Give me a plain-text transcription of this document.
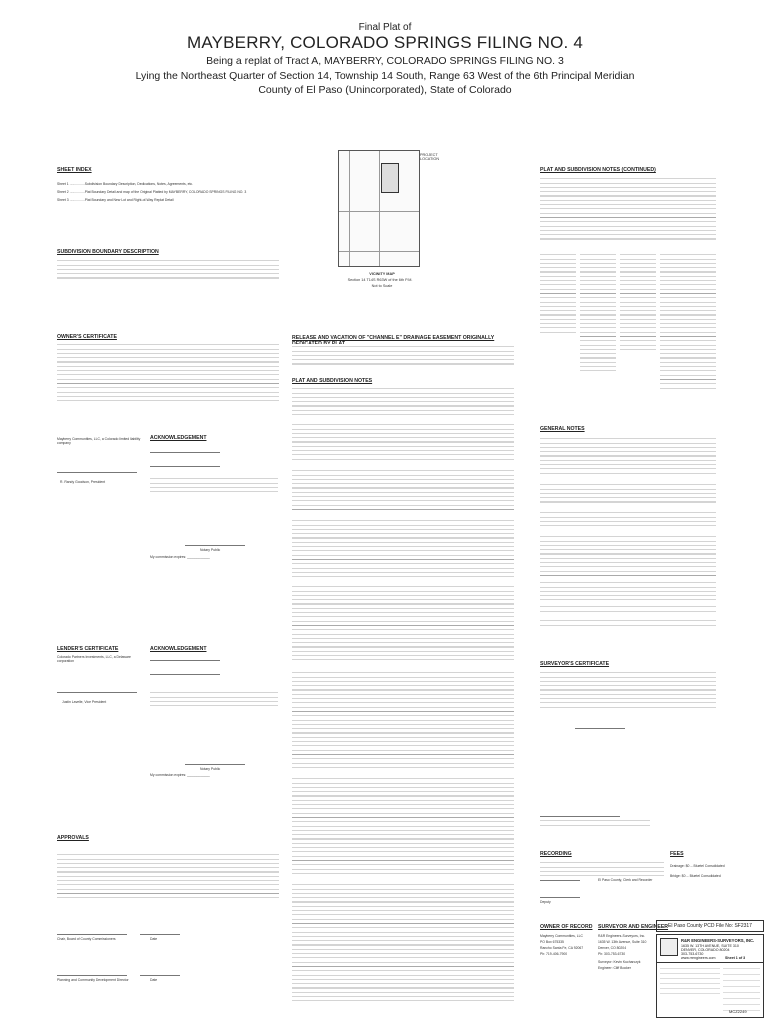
Final Plat of
MAYBERRY, COLORADO SPRINGS FILING NO. 4
Being a replat of Tract A, MAYBERRY, COLORADO SPRINGS FILING NO. 3
Lying the Northeast Quarter of Section 14, Township 14 South, Range 63 West of the 6th Principal Meridian
County of El Paso (Unincorporated), State of Colorado
SHEET INDEX
Sheet 1 ................Subdivision Boundary Description, Dedications, Notes, Agreements, etc.
Sheet 2 ................Plat Boundary Detail and map of the Original Platted by MAYBERRY, COLORADO SPRINGS FILING NO. 3
Sheet 3 ................Plat Boundary and New Lot and Right-of-Way Replat Detail
SUBDIVISION BOUNDARY DESCRIPTION
OWNER'S CERTIFICATE
Mayberry Communities, LLC, a Colorado limited liability company
ACKNOWLEDGEMENT
R. Randy Goodson, President
Notary Public
My commission expires: ____________
LENDER'S CERTIFICATE
Colorado Partners Investments, LLC, a Delaware corporation
ACKNOWLEDGEMENT
Justin Lavelle, Vice President
Notary Public
My commission expires: ____________
APPROVALS
Chair, Board of County Commissioners	Date
Planning and Community Development Director	Date
PROJECT LOCATION
VICINITY MAP
Section 14 T14S R63W of the 6th P.M.
Not to Scale
RELEASE AND VACATION OF "CHANNEL E" DRAINAGE EASEMENT ORIGINALLY
PLAT AND SUBDIVISION NOTES
PLAT AND SUBDIVISION NOTES (CONTINUED)
GENERAL NOTES
SURVEYOR'S CERTIFICATE
RECORDING
El Paso County, Clerk and Recorder
Deputy
FEES
Drainage: $0 -- Bluetel Consolidated
Bridge: $0 -- Bluetel Consolidated
OWNER OF RECORD
Mayberry Communities, LLC
PO Box 675335
Rancho Santa Fe, CA 92067
Ph: 719-406-7900
SURVEYOR AND ENGINEER
R&R Engineers-Surveyors, Inc.
1635 W. 13th Avenue, Suite 310
Denver, CO 80204
Ph: 303-753-6730
Surveyor: Kevin Kucharczyk
Engineer: Cliff Booker
El Paso County PCD File No: SF2317
R&R ENGINEERS-SURVEYORS, INC.
1635 W. 13TH AVENUE, SUITE 310
DENVER, COLORADO 80204
303-753-6730
www.rrengineers.com	Sheet 1 of 3
MCZ2249
